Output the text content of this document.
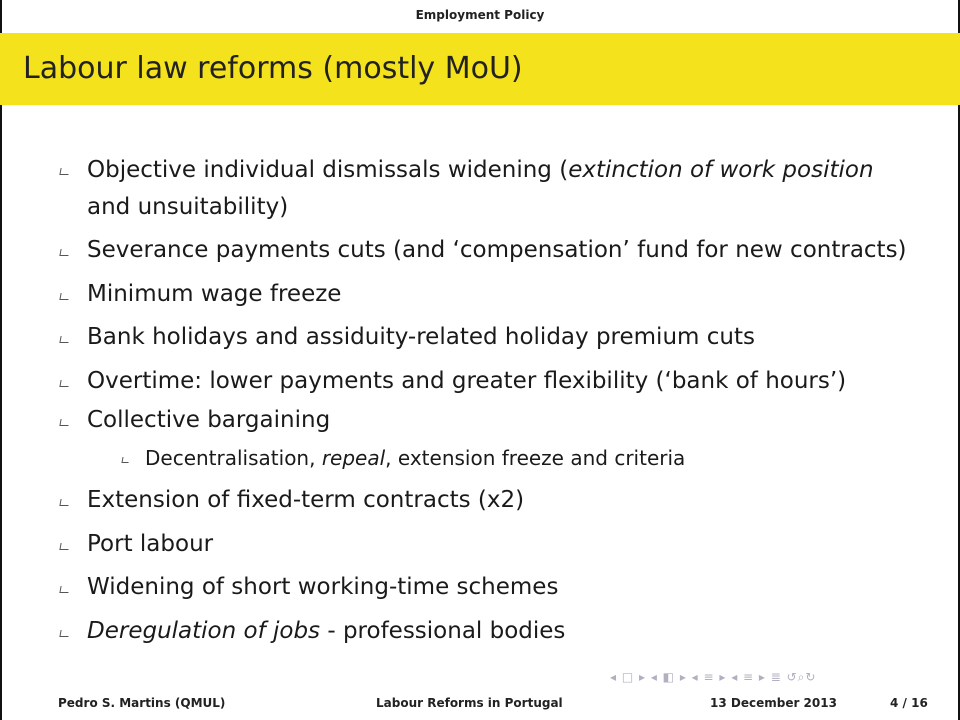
Employment Policy
Labour law reforms (mostly MoU)
Objective individual dismissals widening (extinction of work position
and unsuitability)
Severance payments cuts (and ‘compensation’ fund for new contracts)
Minimum wage freeze
Bank holidays and assiduity-related holiday premium cuts
Overtime: lower payments and greater flexibility (‘bank of hours’)
Collective bargaining
Decentralisation, repeal, extension freeze and criteria
Extension of fixed-term contracts (x2)
Port labour
Widening of short working-time schemes
Deregulation of jobs - professional bodies
◂ □ ▸ ◂ ◧ ▸ ◂ ≡ ▸ ◂ ≡ ▸ ≣ ↺⌕↻
Pedro S. Martins (QMUL)	Labour Reforms in Portugal	13 December 2013	4 / 16
